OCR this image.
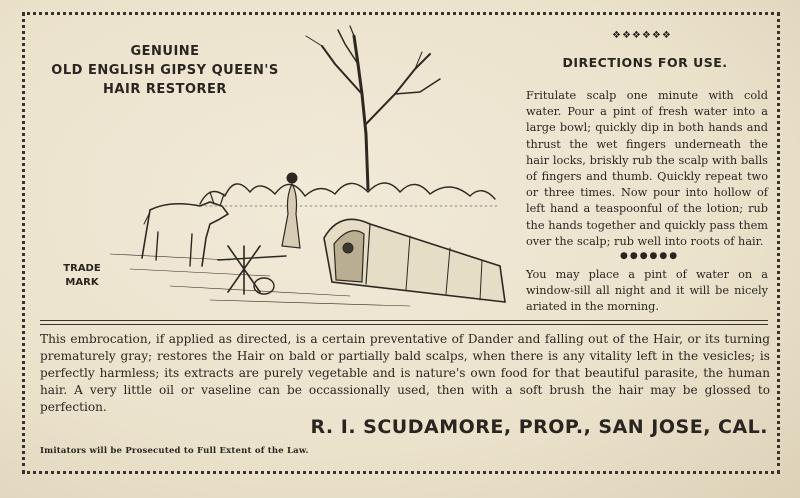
GENUINE
OLD ENGLISH GIPSY QUEEN'S
HAIR RESTORER
TRADE
MARK
❖❖❖❖❖❖
DIRECTIONS FOR USE.
Fritulate scalp one minute with cold water. Pour a pint of fresh water into a large bowl; quickly dip in both hands and thrust the wet fingers underneath the hair locks, briskly rub the scalp with balls of fingers and thumb. Quickly repeat two or three times. Now pour into hollow of left hand a teaspoonful of the lotion; rub the hands together and quickly pass them over the scalp; rub well into roots of hair.
●●●●●●
You may place a pint of water on a window-sill all night and it will be nicely ariated in the morning.
This embrocation, if applied as directed, is a certain preventative of Dander and falling out of the Hair, or its turning prematurely gray; restores the Hair on bald or partially bald scalps, when there is any vitality left in the vesicles; is perfectly harmless; its extracts are purely vegetable and is nature's own food for that beautiful parasite, the human hair. A very little oil or vaseline can be occassionally used, then with a soft brush the hair may be glossed to perfection.
R. I. SCUDAMORE, PROP., SAN JOSE, CAL.
Imitators will be Prosecuted to Full Extent of the Law.
